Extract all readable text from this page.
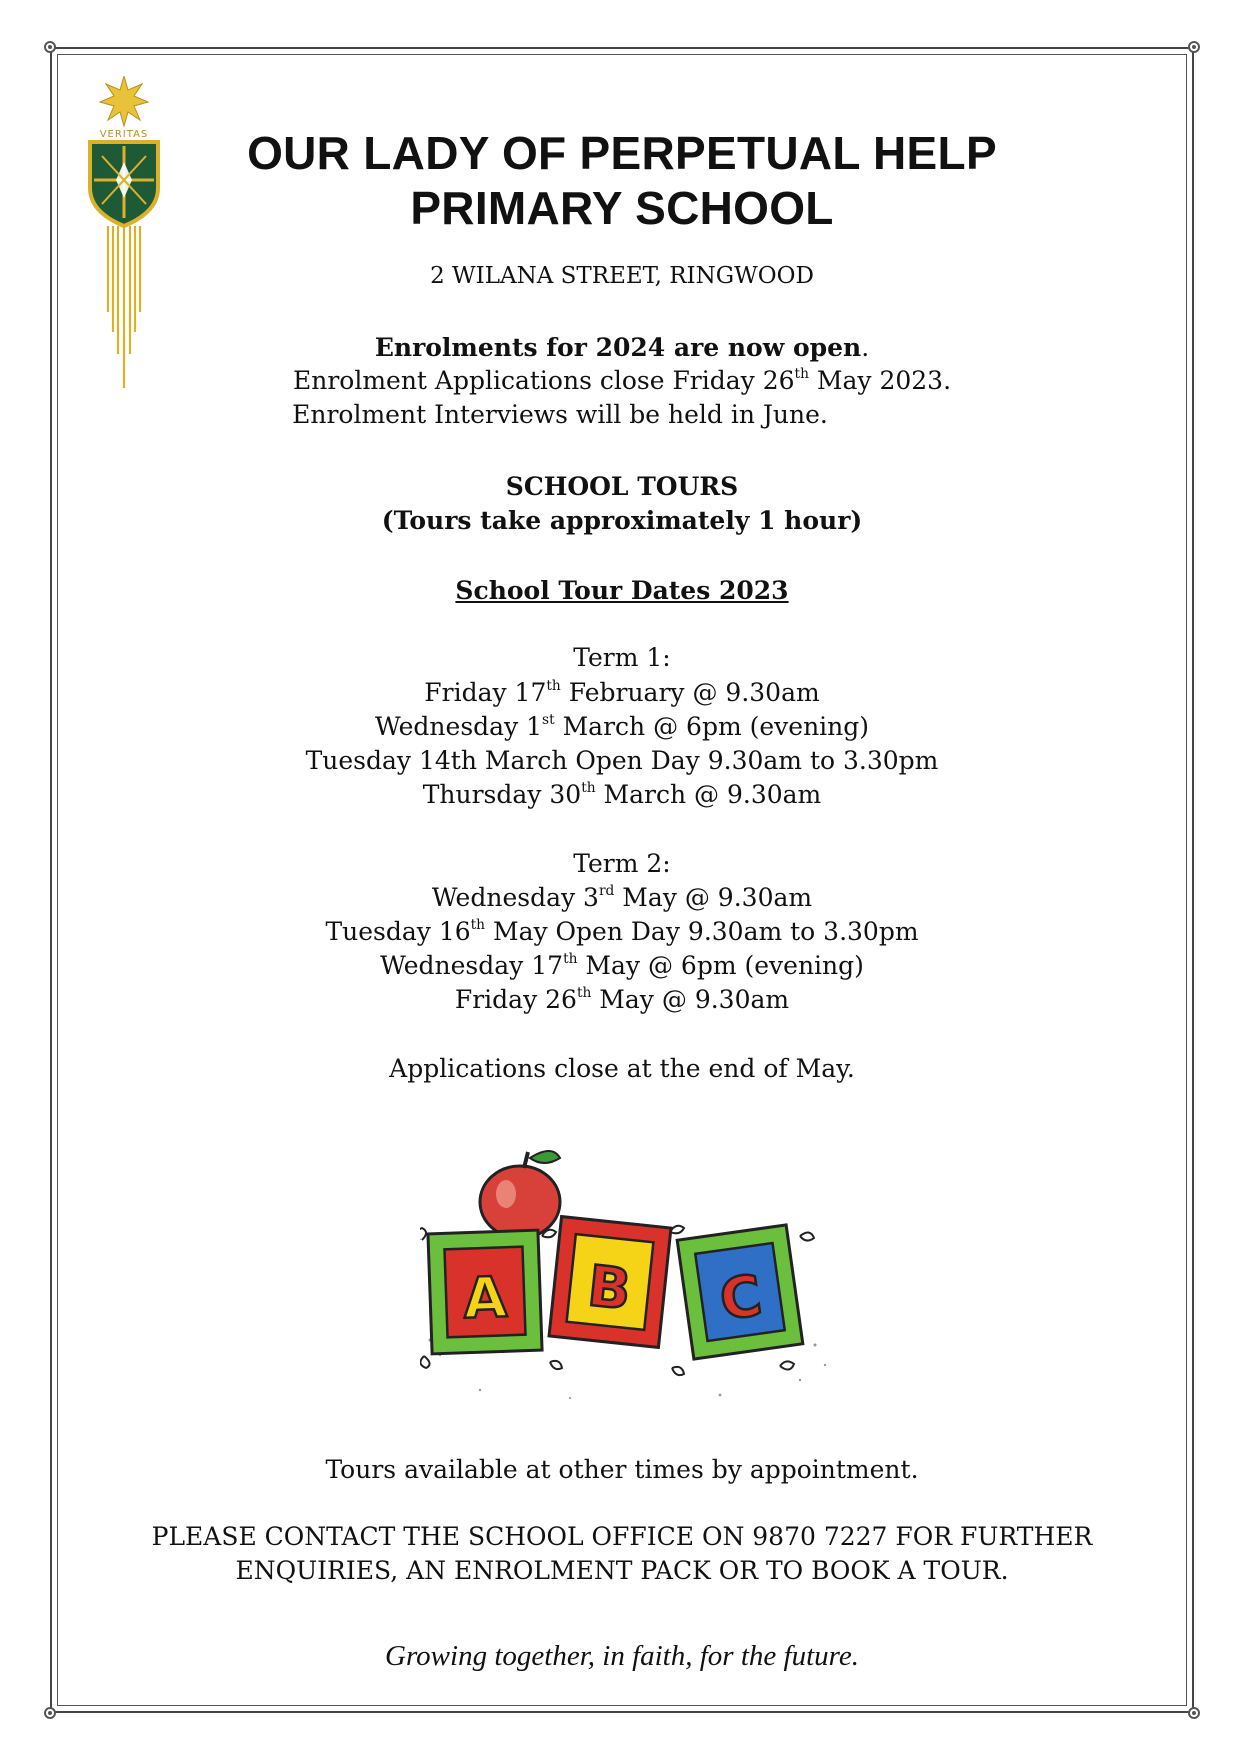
VERITAS	OUR LADY OF PERPETUAL HELP
PRIMARY SCHOOL
2 WILANA STREET, RINGWOOD
Enrolments for 2024 are now open.
Enrolment Applications close Friday 26th May 2023.
Enrolment Interviews will be held in June.
SCHOOL TOURS
(Tours take approximately 1 hour)
School Tour Dates 2023
Term 1:
Friday 17th February @ 9.30am
Wednesday 1st March @ 6pm (evening)
Tuesday 14th March Open Day 9.30am to 3.30pm
Thursday 30th March @ 9.30am
Term 2:
Wednesday 3rd May @ 9.30am
Tuesday 16th May Open Day 9.30am to 3.30pm
Wednesday 17th May @ 6pm (evening)
Friday 26th May @ 9.30am
Applications close at the end of May.
A B C
Tours available at other times by appointment.
PLEASE CONTACT THE SCHOOL OFFICE ON 9870 7227 FOR FURTHER
ENQUIRIES, AN ENROLMENT PACK OR TO BOOK A TOUR.
Growing together, in faith, for the future.
